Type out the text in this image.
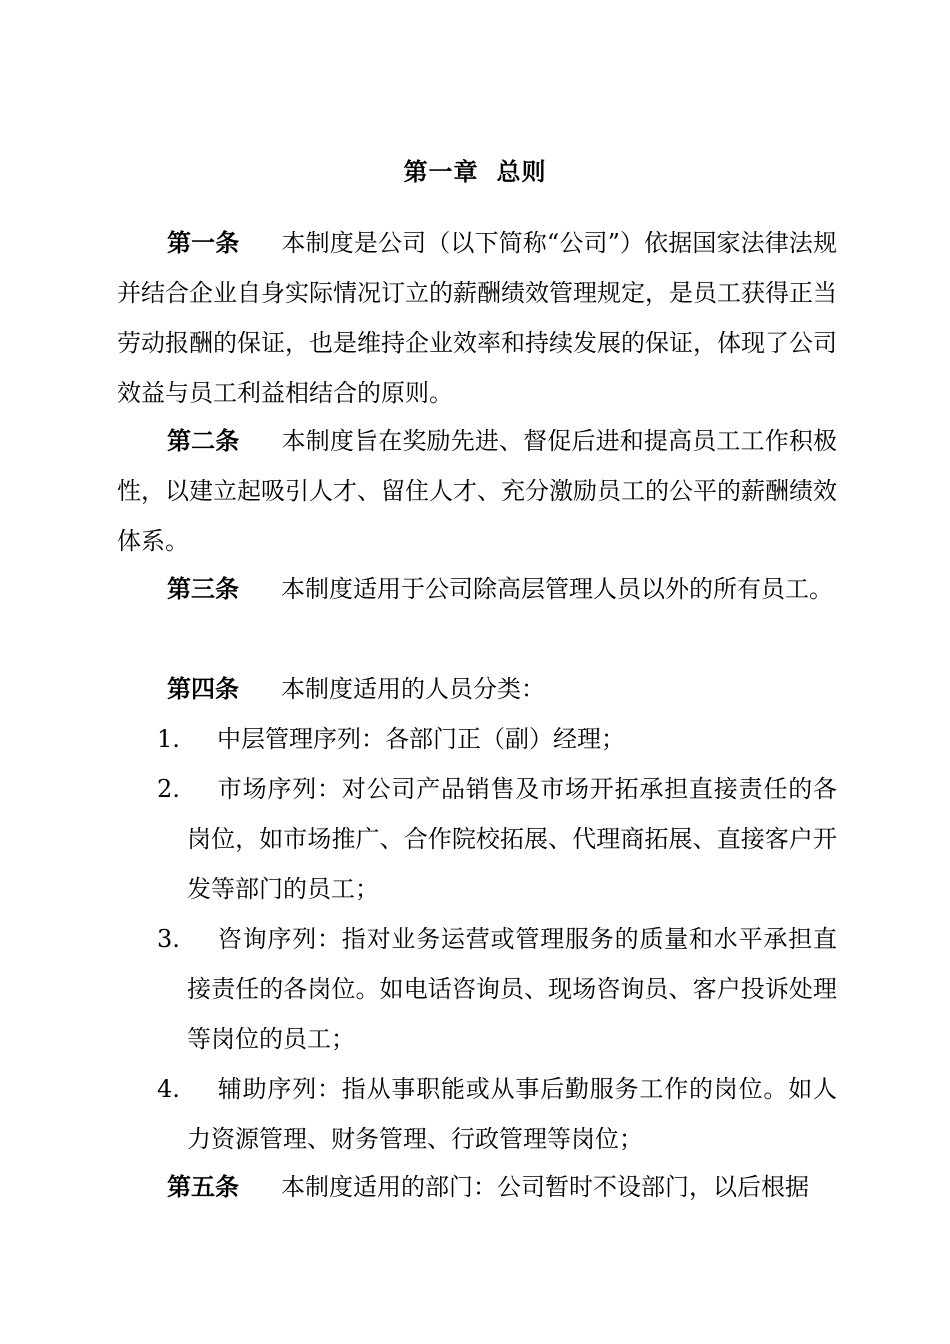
第一章 总则
第一条 本制度是公司（以下简称“公司”）依据国家法律法规并结合企业自身实际情况订立的薪酬绩效管理规定，是员工获得正当劳动报酬的保证，也是维持企业效率和持续发展的保证，体现了公司效益与员工利益相结合的原则。
第二条 本制度旨在奖励先进、督促后进和提高员工工作积极性，以建立起吸引人才、留住人才、充分激励员工的公平的薪酬绩效体系。
第三条 本制度适用于公司除高层管理人员以外的所有员工。
第四条 本制度适用的人员分类：
1.	中层管理序列：各部门正（副）经理；
2.	市场序列：对公司产品销售及市场开拓承担直接责任的各岗位，如市场推广、合作院校拓展、代理商拓展、直接客户开发等部门的员工；
3.	咨询序列：指对业务运营或管理服务的质量和水平承担直接责任的各岗位。如电话咨询员、现场咨询员、客户投诉处理等岗位的员工；
4.	辅助序列：指从事职能或从事后勤服务工作的岗位。如人力资源管理、财务管理、行政管理等岗位；
第五条 本制度适用的部门：公司暂时不设部门，以后根据
